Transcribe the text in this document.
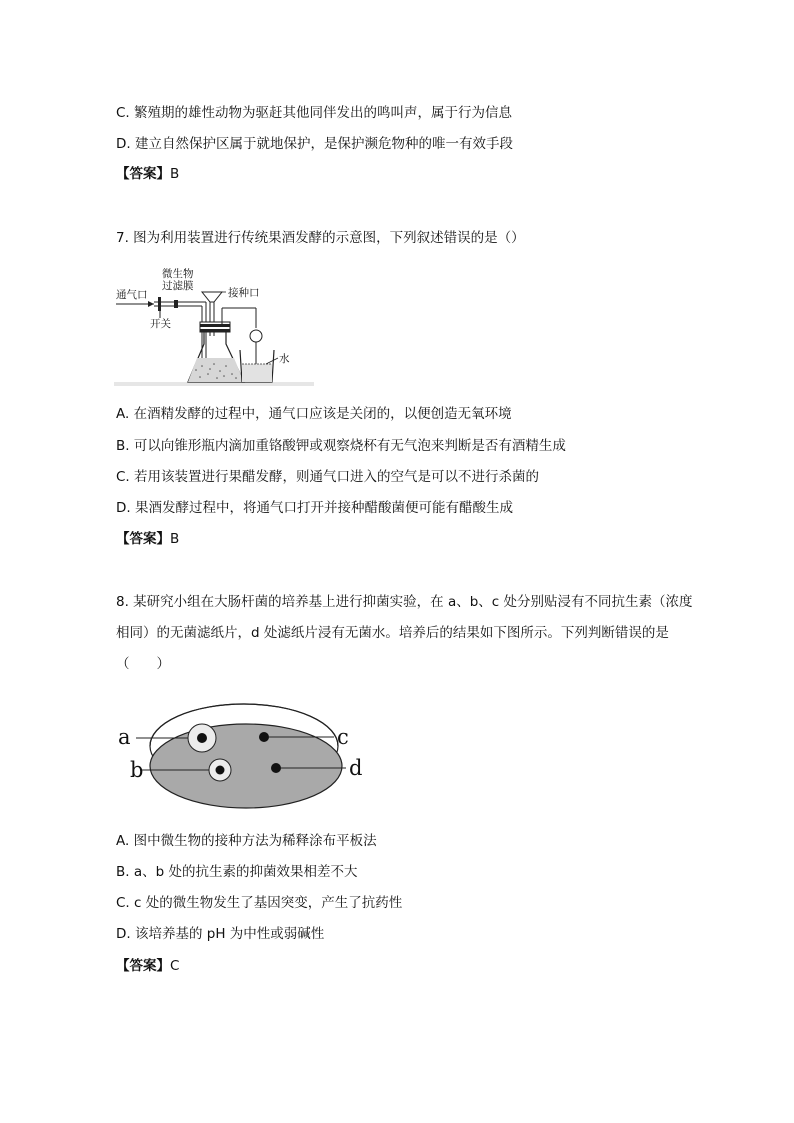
C. 繁殖期的雄性动物为驱赶其他同伴发出的鸣叫声，属于行为信息
D. 建立自然保护区属于就地保护，是保护濒危物种的唯一有效手段
【答案】B
7. 图为利用装置进行传统果酒发酵的示意图，下列叙述错误的是（）
通气口
微生物
过滤膜
开关
接种口
水
A. 在酒精发酵的过程中，通气口应该是关闭的，以便创造无氧环境
B. 可以向锥形瓶内滴加重铬酸钾或观察烧杯有无气泡来判断是否有酒精生成
C. 若用该装置进行果醋发酵，则通气口进入的空气是可以不进行杀菌的
D. 果酒发酵过程中，将通气口打开并接种醋酸菌便可能有醋酸生成
【答案】B
8. 某研究小组在大肠杆菌的培养基上进行抑菌实验，在 a、b、c 处分别贴浸有不同抗生素（浓度
相同）的无菌滤纸片，d 处滤纸片浸有无菌水。培养后的结果如下图所示。下列判断错误的是
（　　）
a
b
c
d
A. 图中微生物的接种方法为稀释涂布平板法
B. a、b 处的抗生素的抑菌效果相差不大
C. c 处的微生物发生了基因突变，产生了抗药性
D. 该培养基的 pH 为中性或弱碱性
【答案】C
